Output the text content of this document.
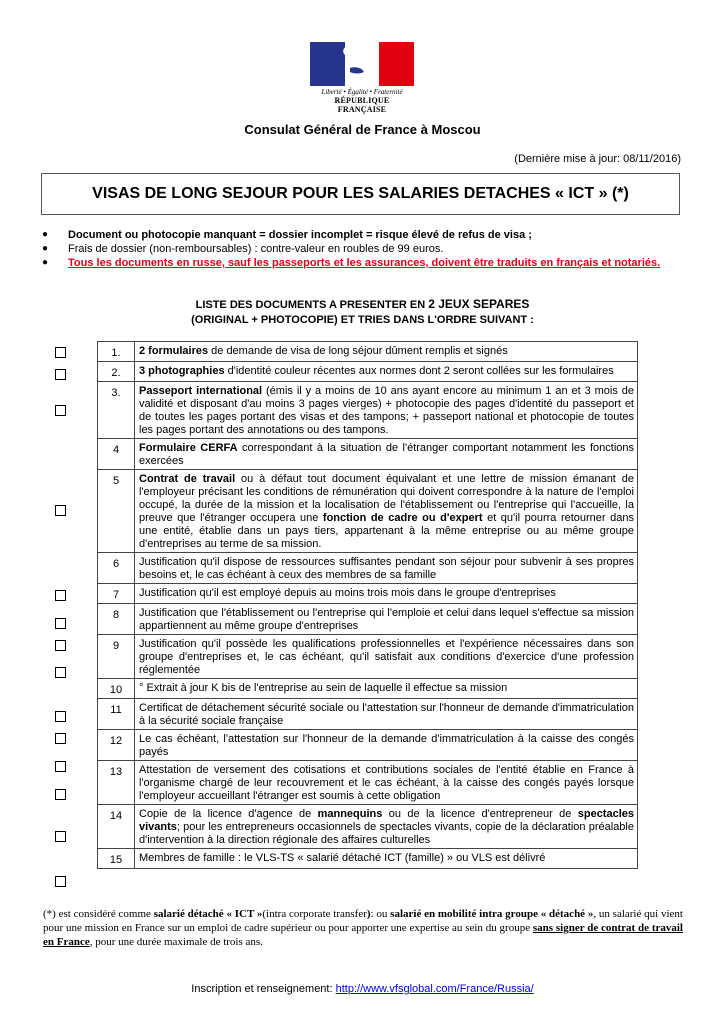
Liberté • Égalité • Fraternité
RÉPUBLIQUE FRANÇAISE
Consulat Général de France à Moscou
(Dernière mise à jour: 08/11/2016)
VISAS DE LONG SEJOUR POUR LES SALARIES DETACHES « ICT » (*)
●	Document ou photocopie manquant = dossier incomplet = risque élevé de refus de visa ;
●	Frais de dossier (non-remboursables) : contre-valeur en roubles de 99 euros.
●	Tous les documents en russe, sauf les passeports et les assurances, doivent être traduits en français et notariés.
LISTE DES DOCUMENTS A PRESENTER EN 2 JEUX SEPARES
(ORIGINAL + PHOTOCOPIE) ET TRIES DANS L'ORDRE SUIVANT :
1.	2 formulaires de demande de visa de long séjour dûment remplis et signés
2.	3 photographies d'identité couleur récentes aux normes dont 2 seront collées sur les formulaires
3.	Passeport international (émis il y a moins de 10 ans ayant encore au minimum 1 an et 3 mois de validité et disposant d'au moins 3 pages vierges) + photocopie des pages d'identité du passeport et de toutes les pages portant des visas et des tampons; + passeport national et photocopie de toutes les pages portant des annotations ou des tampons.
4	Formulaire CERFA correspondant à la situation de l'étranger comportant notamment les fonctions exercées
5	Contrat de travail ou à défaut tout document équivalant et une lettre de mission émanant de l'employeur précisant les conditions de rémunération qui doivent correspondre à la nature de l'emploi occupé, la durée de la mission et la localisation de l'établissement ou l'entreprise qui l'accueille, la preuve que l'étranger occupera une fonction de cadre ou d'expert et qu'il pourra retourner dans une entité, établie dans un pays tiers, appartenant à la même entreprise ou au même groupe d'entreprises au terme de sa mission.
6	Justification qu'il dispose de ressources suffisantes pendant son séjour pour subvenir à ses propres besoins et, le cas échéant à ceux des membres de sa famille
7	Justification qu'il est employé depuis au moins trois mois dans le groupe d'entreprises
8	Justification que l'établissement ou l'entreprise qui l'emploie et celui dans lequel s'effectue sa mission appartiennent au même groupe d'entreprises
9	Justification qu'il possède les qualifications professionnelles et l'expérience nécessaires dans son groupe d'entreprises et, le cas échéant, qu'il satisfait aux conditions d'exercice d'une profession réglementée
10	° Extrait à jour K bis de l'entreprise au sein de laquelle il effectue sa mission
11	Certificat de détachement sécurité sociale ou l'attestation sur l'honneur de demande d'immatriculation à la sécurité sociale française
12	Le cas échéant, l'attestation sur l'honneur de la demande d'immatriculation à la caisse des congés payés
13	Attestation de versement des cotisations et contributions sociales de l'entité établie en France à l'organisme chargé de leur recouvrement et le cas échéant, à la caisse des congés payés lorsque l'employeur accueillant l'étranger est soumis à cette obligation
14	Copie de la licence d'agence de mannequins ou de la licence d'entrepreneur de spectacles vivants; pour les entrepreneurs occasionnels de spectacles vivants, copie de la déclaration préalable d'intervention à la direction régionale des affaires culturelles
15	Membres de famille : le VLS-TS « salarié détaché ICT (famille) » ou VLS est délivré
(*) est considéré comme salarié détaché « ICT »(intra corporate transfer): ou salarié en mobilité intra groupe « détaché », un salarié qui vient pour une mission en France sur un emploi de cadre supérieur ou pour apporter une expertise au sein du groupe sans signer de contrat de travail en France, pour une durée maximale de trois ans.
Inscription et renseignement: http://www.vfsglobal.com/France/Russia/
